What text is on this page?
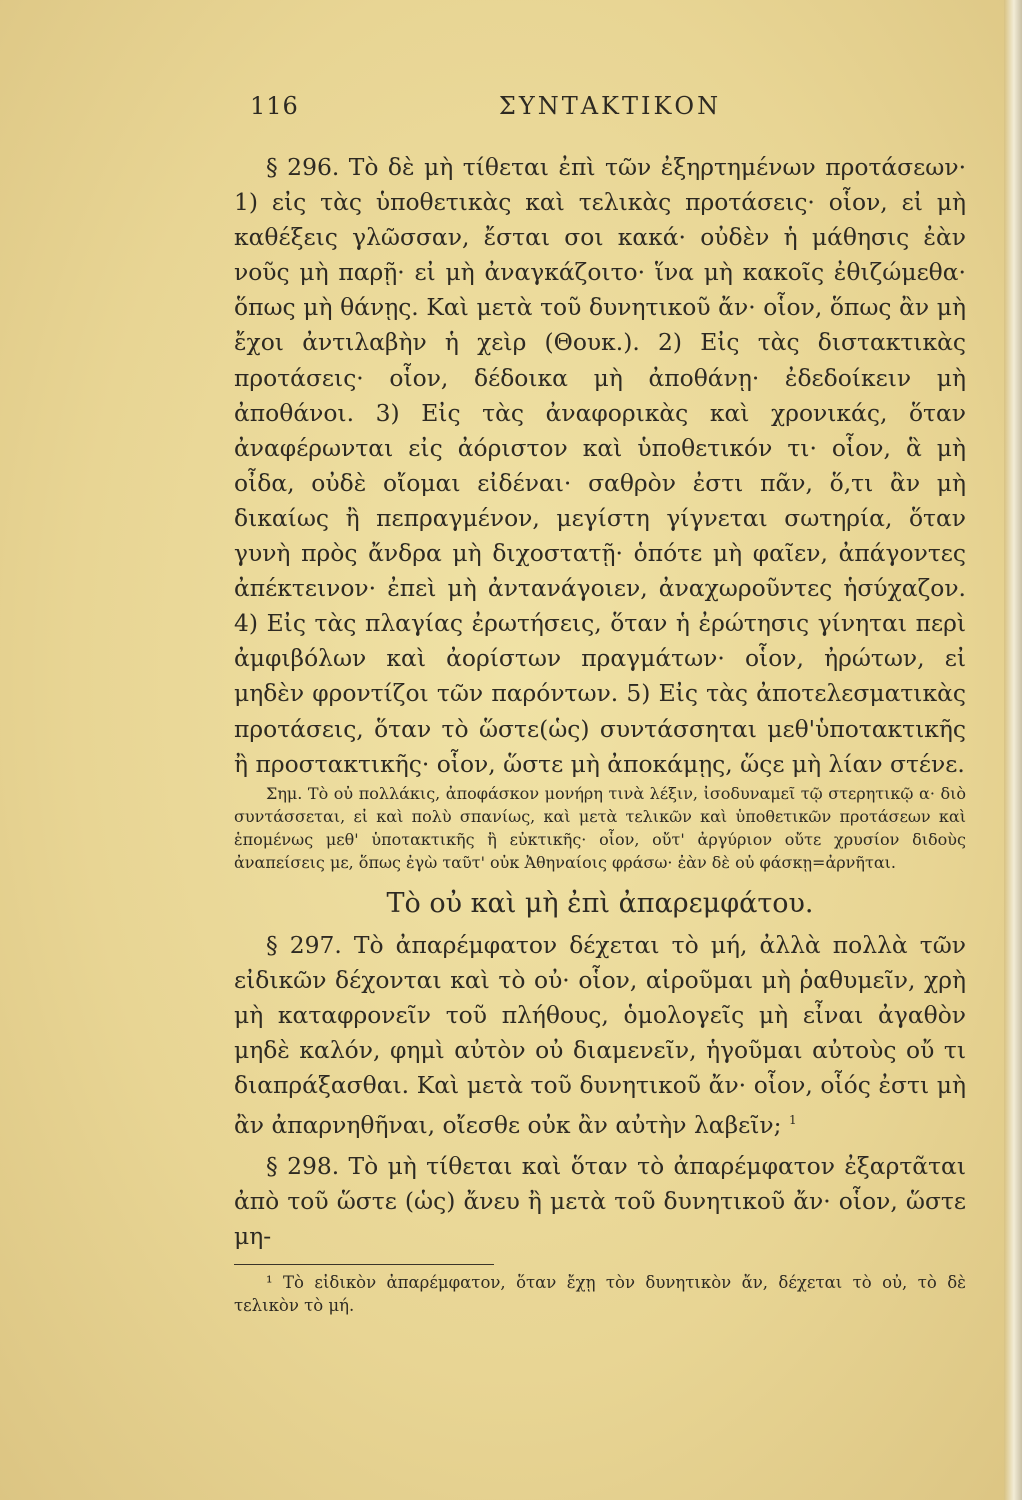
116	ΣΥΝΤΑΚΤΙΚΟΝ

§ 296. Τὸ δὲ μὴ τίθεται ἐπὶ τῶν ἐξηρτημένων προτάσεων· 1) εἰς τὰς ὑποθετικὰς καὶ τελικὰς προτάσεις· οἷον, εἰ μὴ καθέξεις γλῶσσαν, ἔσται σοι κακά· οὐδὲν ἡ μάθησις ἐὰν νοῦς μὴ παρῇ· εἰ μὴ ἀναγκάζοιτο· ἵνα μὴ κακοῖς ἐθιζώμεθα· ὅπως μὴ θάνῃς. Καὶ μετὰ τοῦ δυνητικοῦ ἄν· οἷον, ὅπως ἂν μὴ ἔχοι ἀντιλαβὴν ἡ χεὶρ (Θουκ.). 2) Εἰς τὰς διστακτικὰς προτάσεις· οἷον, δέδοικα μὴ ἀποθάνῃ· ἐδεδοίκειν μὴ ἀποθάνοι. 3) Εἰς τὰς ἀναφορικὰς καὶ χρονικάς, ὅταν ἀναφέρωνται εἰς ἀόριστον καὶ ὑποθετικόν τι· οἷον, ἃ μὴ οἶδα, οὐδὲ οἴομαι εἰδέναι· σαθρὸν ἐστι πᾶν, ὅ,τι ἂν μὴ δικαίως ἢ πεπραγμένον, μεγίστη γίγνεται σωτηρία, ὅταν γυνὴ πρὸς ἄνδρα μὴ διχοστατῇ· ὁπότε μὴ φαῖεν, ἀπάγοντες ἀπέκτεινον· ἐπεὶ μὴ ἀντανάγοιεν, ἀναχωροῦντες ἡσύχαζον. 4) Εἰς τὰς πλαγίας ἐρωτήσεις, ὅταν ἡ ἐρώτησις γίνηται περὶ ἀμφιβόλων καὶ ἀορίστων πραγμάτων· οἷον, ἠρώτων, εἰ μηδὲν φροντίζοι τῶν παρόντων. 5) Εἰς τὰς ἀποτελεσματικὰς προτάσεις, ὅταν τὸ ὥστε(ὡς) συντάσσηται μεθ'ὑποτακτικῆς ἢ προστακτικῆς· οἷον, ὥστε μὴ ἀποκάμῃς, ὥςε μὴ λίαν στένε.

Σημ. Τὸ οὐ πολλάκις, ἀποφάσκον μονήρη τινὰ λέξιν, ἰσοδυναμεῖ τῷ στερητικῷ α· διὸ συντάσσεται, εἰ καὶ πολὺ σπανίως, καὶ μετὰ τελικῶν καὶ ὑποθετικῶν προτάσεων καὶ ἑπομένως μεθ' ὑποτακτικῆς ἢ εὐκτικῆς· οἷον, οὔτ' ἀργύριον οὔτε χρυσίον διδοὺς ἀναπείσεις με, ὅπως ἐγὼ ταῦτ' οὐκ Ἀθηναίοις φράσω· ἐὰν δὲ οὐ φάσκῃ=ἀρνῆται.

Τὸ οὐ καὶ μὴ ἐπὶ ἀπαρεμφάτου.

§ 297. Τὸ ἀπαρέμφατον δέχεται τὸ μή, ἀλλὰ πολλὰ τῶν εἰδικῶν δέχονται καὶ τὸ οὐ· οἷον, αἱροῦμαι μὴ ῥαθυμεῖν, χρὴ μὴ καταφρονεῖν τοῦ πλήθους, ὁμολογεῖς μὴ εἶναι ἀγαθὸν μηδὲ καλόν, φημὶ αὐτὸν οὐ διαμενεῖν, ἡγοῦμαι αὐτοὺς οὔ τι διαπράξασθαι. Καὶ μετὰ τοῦ δυνητικοῦ ἄν· οἷον, οἷός ἐστι μὴ ἂν ἀπαρνηθῆναι, οἴεσθε οὐκ ἂν αὐτὴν λαβεῖν; $^1$

§ 298. Τὸ μὴ τίθεται καὶ ὅταν τὸ ἀπαρέμφατον ἐξαρτᾶται ἀπὸ τοῦ ὥστε (ὡς) ἄνευ ἢ μετὰ τοῦ δυνητικοῦ ἄν· οἷον, ὥστε μη-

¹ Τὸ εἰδικὸν ἀπαρέμφατον, ὅταν ἔχῃ τὸν δυνητικὸν ἄν, δέχεται τὸ οὐ, τὸ δὲ τελικὸν τὸ μή.
